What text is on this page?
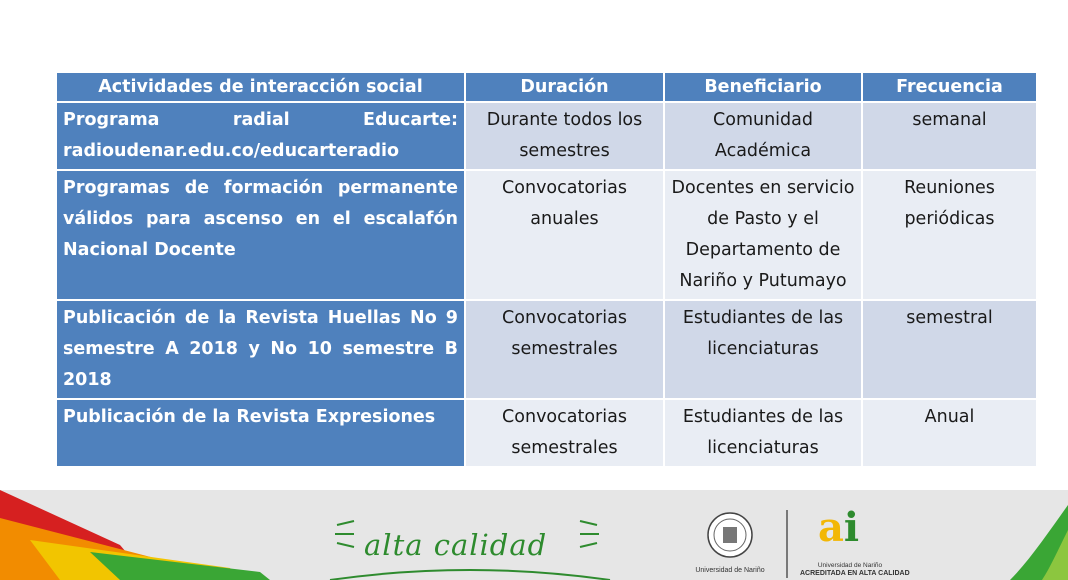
Actividades de interacción social	Duración	Beneficiario	Frecuencia
Programa radial Educarte: radioudenar.edu.co/educarteradio	Durante todos los semestres	Comunidad Académica	semanal
Programas de formación permanente válidos para ascenso en el escalafón Nacional Docente	Convocatorias anuales	Docentes en servicio de Pasto y el Departamento de Nariño y Putumayo	Reuniones periódicas
Publicación de la Revista Huellas No 9 semestre A 2018 y No 10 semestre B 2018	Convocatorias semestrales	Estudiantes de las licenciaturas	semestral
Publicación de la Revista Expresiones	Convocatorias semestrales	Estudiantes de las licenciaturas	Anual
alta calidad
Universidad de Nariño
ai
Universidad de Nariño
ACREDITADA EN ALTA CALIDAD
